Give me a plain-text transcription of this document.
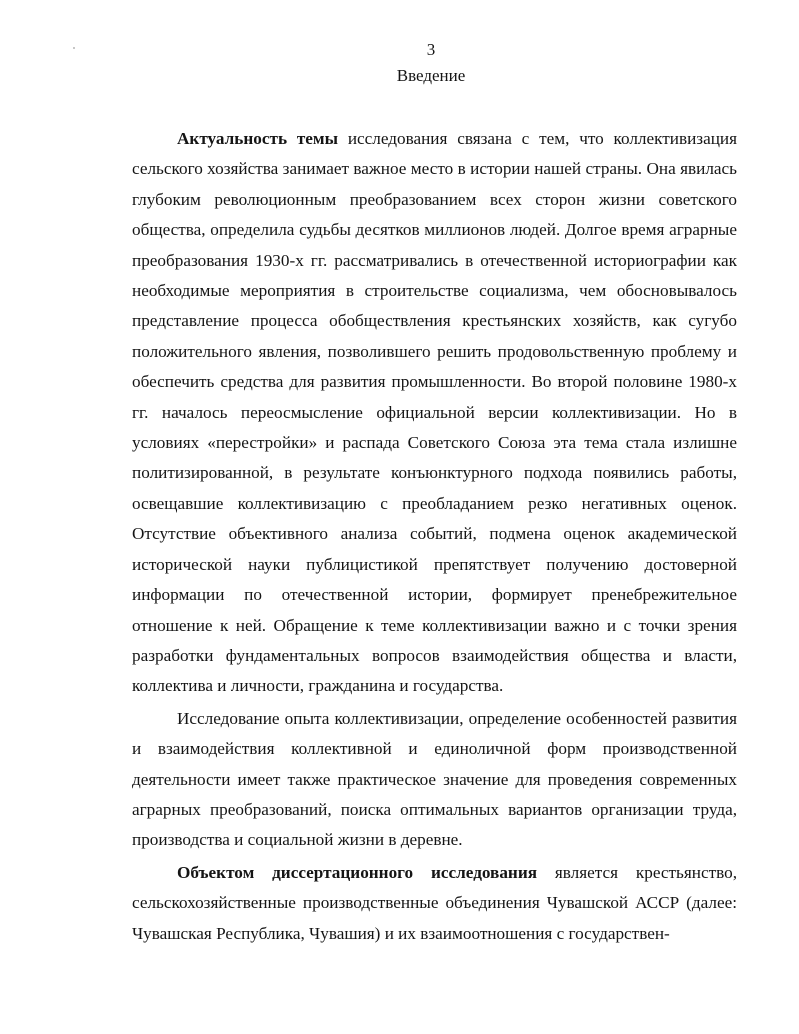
3
Введение

Актуальность темы исследования связана с тем, что коллективизация сельского хозяйства занимает важное место в истории нашей страны. Она явилась глубоким революционным преобразованием всех сторон жизни советского общества, определила судьбы десятков миллионов людей. Долгое время аграрные преобразования 1930-х гг. рассматривались в отечественной историографии как необходимые мероприятия в строительстве социализма, чем обосновывалось представление процесса обобществления крестьянских хозяйств, как сугубо положительного явления, позволившего решить продовольственную проблему и обеспечить средства для развития промышленности. Во второй половине 1980-х гг. началось переосмысление официальной версии коллективизации. Но в условиях «перестройки» и распада Советского Союза эта тема стала излишне политизированной, в результате конъюнктурного подхода появились работы, освещавшие коллективизацию с преобладанием резко негативных оценок. Отсутствие объективного анализа событий, подмена оценок академической исторической науки публицистикой препятствует получению достоверной информации по отечественной истории, формирует пренебрежительное отношение к ней. Обращение к теме коллективизации важно и с точки зрения разработки фундаментальных вопросов взаимодействия общества и власти, коллектива и личности, гражданина и государства.

Исследование опыта коллективизации, определение особенностей развития и взаимодействия коллективной и единоличной форм производственной деятельности имеет также практическое значение для проведения современных аграрных преобразований, поиска оптимальных вариантов организации труда, производства и социальной жизни в деревне.

Объектом диссертационного исследования является крестьянство, сельскохозяйственные производственные объединения Чувашской АССР (далее: Чувашская Республика, Чувашия) и их взаимоотношения с государствен-
